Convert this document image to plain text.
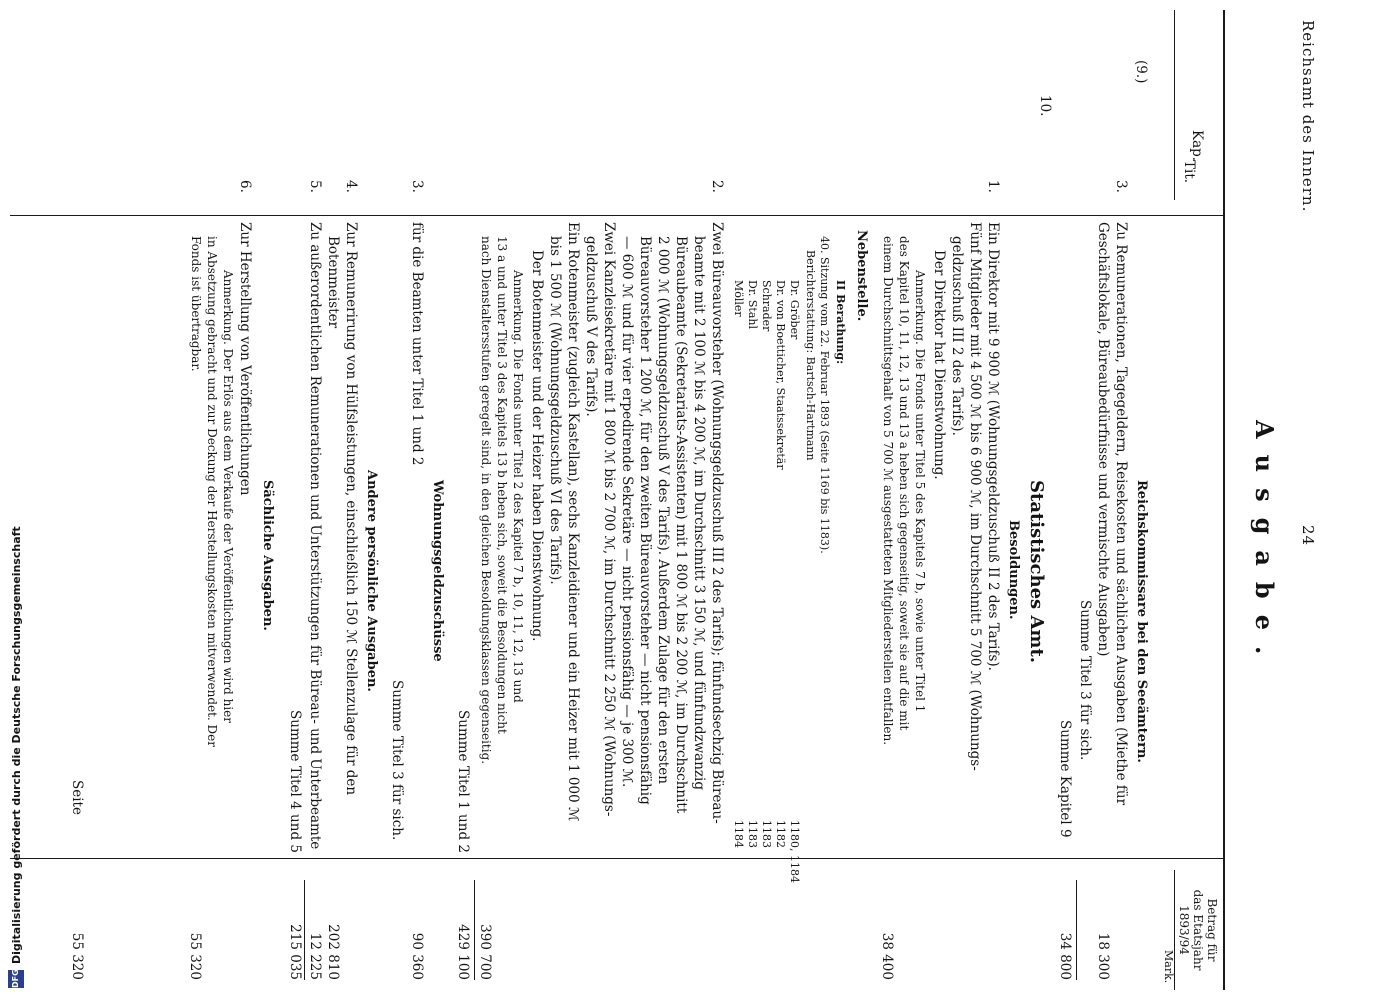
Reichsamt des Innern.
24
Ausgabe.
Kap.
Tit.
Betrag für
das Etatsjahr
1893/94
Mark.
(9.)
Reichskommissare bei den Seeämtern.
3.
Zu Remunerationen, Tagegeldern, Reisekosten und sächlichen Ausgaben (Miethe für
Geschäftslokale, Büreaubedürfnisse und vermischte Ausgaben)
18 300
Summe Titel 3 für sich.
Summe Kapitel 9
34 800
10.
Statistisches Amt.
Besoldungen.
1.
Ein Direktor mit 9 900 ℳ (Wohnungsgeldzuschuß II 2 des Tarifs).
Fünf Mitglieder mit 4 500 ℳ bis 6 900 ℳ, im Durchschnitt 5 700 ℳ (Wohnungs-
geldzuschuß III 2 des Tarifs).
Der Direktor hat Dienstwohnung.
Anmerkung. Die Fonds unter Titel 5 des Kapitels 7 b, sowie unter Titel 1
des Kapitel 10, 11, 12, 13 und 13 a heben sich gegenseitig, soweit sie auf die mit
einem Durchschnittsgehalt von 5 700 ℳ ausgestatteten Mitgliederstellen entfallen.
38 400
Nebenstelle.
II Berathung:
40. Sitzung vom 22. Februar 1893 (Seite 1169 bis 1183).
Berichterstattung: Bartsch-Hartmann
Dr. Gröber
1180, 1184
Dr. von Boetticher, Staatssekretär
1182
Schrader
1183
Dr. Stahl
1183
Möller
1184
2.
Zwei Büreauvorsteher (Wohnungsgeldzuschuß III 2 des Tarifs); fünfundsechzig Büreau-
beamte mit 2 100 ℳ bis 4 200 ℳ, im Durchschnitt 3 150 ℳ, und fünfundzwanzig
Büreaubeamte (Sekretariats-Assistenten) mit 1 800 ℳ bis 2 200 ℳ, im Durchschnitt
2 000 ℳ (Wohnungsgeldzuschuß V des Tarifs). Außerdem Zulage für den ersten
Büreauvorsteher 1 200 ℳ, für den zweiten Büreauvorsteher — nicht pensionsfähig
— 600 ℳ und für vier erpedirende Sekretäre — nicht pensionsfähig — je 300 ℳ.
Zwei Kanzleisekretäre mit 1 800 ℳ bis 2 700 ℳ, im Durchschnitt 2 250 ℳ (Wohnungs-
geldzuschuß V des Tarifs).
Ein Rotenmeister (zugleich Kastellan), sechs Kanzleidiener und ein Heizer mit 1 000 ℳ
bis 1 500 ℳ (Wohnungsgeldzuschuß VI des Tarifs).
Der Botenmeister und der Heizer haben Dienstwohnung.
Anmerkung. Die Fonds unter Titel 2 des Kapitel 7 b, 10, 11, 12, 13 und
13 a und unter Titel 3 des Kapitels 13 b heben sich, soweit die Besoldungen nicht
nach Dienstaltersstufen geregelt sind, in den gleichen Besoldungsklassen gegenseitig.
390 700
Summe Titel 1 und 2
429 100
Wohnungsgeldzuschüsse
3.
für die Beamten unter Titel 1 und 2
90 360
Summe Titel 3 für sich.
Andere persönliche Ausgaben.
4.
Zur Remunerirung von Hülfsleistungen, einschließlich 150 ℳ Stellenzulage für den
Botenmeister
202 810
5.
Zu außerordentlichen Remunerationen und Unterstützungen für Büreau- und Unterbeamte
12 225
Summe Titel 4 und 5
215 035
Sächliche Ausgaben.
6.
Zur Herstellung von Veröffentlichungen
Anmerkung. Der Erlös aus dem Verkaufe der Veröffentlichungen wird hier
in Absetzung gebracht und zur Deckung der Herstellungskosten mitverwendet. Der
Fonds ist übertragbar.
55 320
Seite
55 320
DFG
Digitalisierung gefördert durch die Deutsche Forschungsgemeinschaft
